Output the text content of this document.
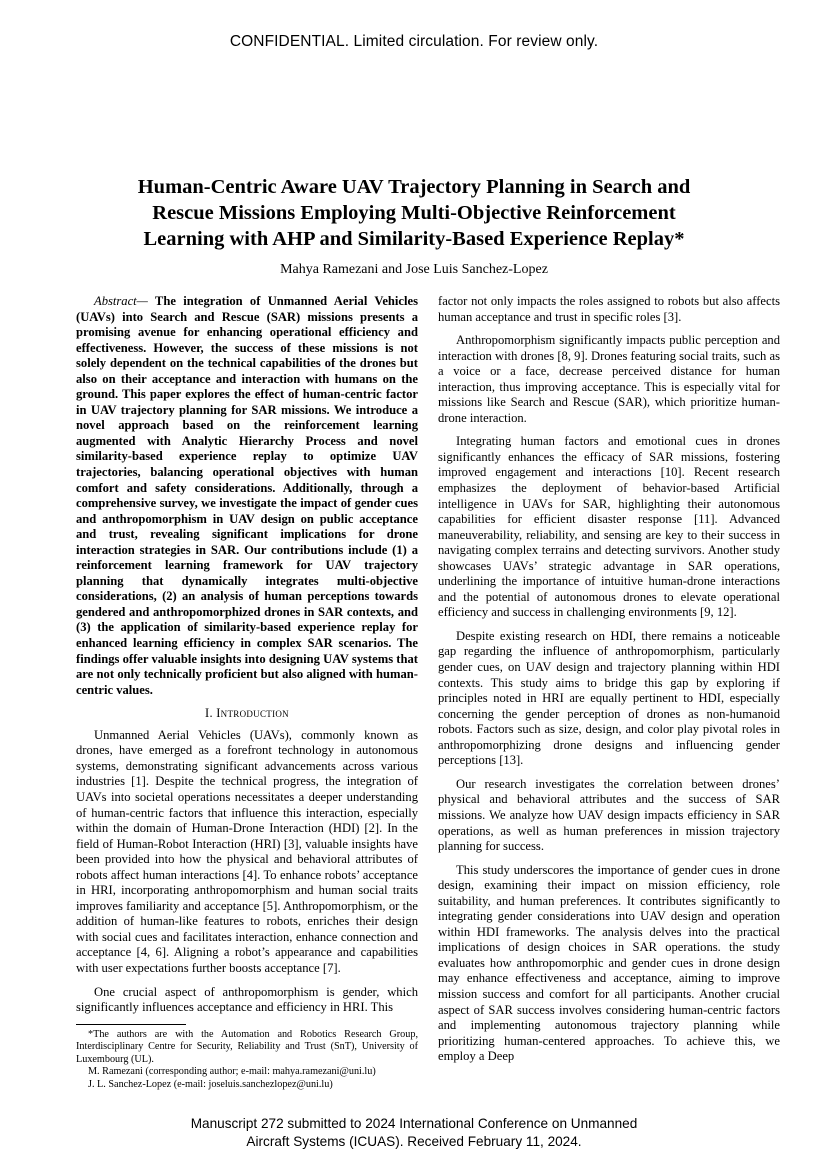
CONFIDENTIAL. Limited circulation. For review only.
Human-Centric Aware UAV Trajectory Planning in Search and
Rescue Missions Employing Multi-Objective Reinforcement
Learning with AHP and Similarity-Based Experience Replay*
Mahya Ramezani and Jose Luis Sanchez-Lopez

Abstract— The integration of Unmanned Aerial Vehicles (UAVs) into Search and Rescue (SAR) missions presents a promising avenue for enhancing operational efficiency and effectiveness. However, the success of these missions is not solely dependent on the technical capabilities of the drones but also on their acceptance and interaction with humans on the ground. This paper explores the effect of human-centric factor in UAV trajectory planning for SAR missions. We introduce a novel approach based on the reinforcement learning augmented with Analytic Hierarchy Process and novel similarity-based experience replay to optimize UAV trajectories, balancing operational objectives with human comfort and safety considerations. Additionally, through a comprehensive survey, we investigate the impact of gender cues and anthropomorphism in UAV design on public acceptance and trust, revealing significant implications for drone interaction strategies in SAR. Our contributions include (1) a reinforcement learning framework for UAV trajectory planning that dynamically integrates multi-objective considerations, (2) an analysis of human perceptions towards gendered and anthropomorphized drones in SAR contexts, and (3) the application of similarity-based experience replay for enhanced learning efficiency in complex SAR scenarios. The findings offer valuable insights into designing UAV systems that are not only technically proficient but also aligned with human-centric values.

I. Introduction

Unmanned Aerial Vehicles (UAVs), commonly known as drones, have emerged as a forefront technology in autonomous systems, demonstrating significant advancements across various industries [1]. Despite the technical progress, the integration of UAVs into societal operations necessitates a deeper understanding of human-centric factors that influence this interaction, especially within the domain of Human-Drone Interaction (HDI) [2]. In the field of Human-Robot Interaction (HRI) [3], valuable insights have been provided into how the physical and behavioral attributes of robots affect human interactions [4]. To enhance robots’ acceptance in HRI, incorporating anthropomorphism and human social traits improves familiarity and acceptance [5]. Anthropomorphism, or the addition of human-like features to robots, enriches their design with social cues and facilitates interaction, enhance connection and acceptance [4, 6]. Aligning a robot’s appearance and capabilities with user expectations further boosts acceptance [7].

One crucial aspect of anthropomorphism is gender, which significantly influences acceptance and efficiency in HRI. This

*The authors are with the Automation and Robotics Research Group, Interdisciplinary Centre for Security, Reliability and Trust (SnT), University of Luxembourg (UL).

M. Ramezani (corresponding author; e-mail: mahya.ramezani@uni.lu)

J. L. Sanchez-Lopez (e-mail: joseluis.sanchezlopez@uni.lu)

factor not only impacts the roles assigned to robots but also affects human acceptance and trust in specific roles [3].

Anthropomorphism significantly impacts public perception and interaction with drones [8, 9]. Drones featuring social traits, such as a voice or a face, decrease perceived distance for human interaction, thus improving acceptance. This is especially vital for missions like Search and Rescue (SAR), which prioritize human-drone interaction.

Integrating human factors and emotional cues in drones significantly enhances the efficacy of SAR missions, fostering improved engagement and interactions [10]. Recent research emphasizes the deployment of behavior-based Artificial intelligence in UAVs for SAR, highlighting their autonomous capabilities for efficient disaster response [11]. Advanced maneuverability, reliability, and sensing are key to their success in navigating complex terrains and detecting survivors. Another study showcases UAVs’ strategic advantage in SAR operations, underlining the importance of intuitive human-drone interactions and the potential of autonomous drones to elevate operational efficiency and success in challenging environments [9, 12].

Despite existing research on HDI, there remains a noticeable gap regarding the influence of anthropomorphism, particularly gender cues, on UAV design and trajectory planning within HDI contexts. This study aims to bridge this gap by exploring if principles noted in HRI are equally pertinent to HDI, especially concerning the gender perception of drones as non-humanoid robots. Factors such as size, design, and color play pivotal roles in anthropomorphizing drone designs and influencing gender perceptions [13].

Our research investigates the correlation between drones’ physical and behavioral attributes and the success of SAR missions. We analyze how UAV design impacts efficiency in SAR operations, as well as human preferences in mission trajectory planning for success.

This study underscores the importance of gender cues in drone design, examining their impact on mission efficiency, role suitability, and human preferences. It contributes significantly to integrating gender considerations into UAV design and operation within HDI frameworks. The analysis delves into the practical implications of design choices in SAR operations. the study evaluates how anthropomorphic and gender cues in drone design may enhance effectiveness and acceptance, aiming to improve mission success and comfort for all participants. Another crucial aspect of SAR success involves considering human-centric factors and implementing autonomous trajectory planning while prioritizing human-centered approaches. To achieve this, we employ a Deep

Manuscript 272 submitted to 2024 International Conference on Unmanned
Aircraft Systems (ICUAS). Received February 11, 2024.
